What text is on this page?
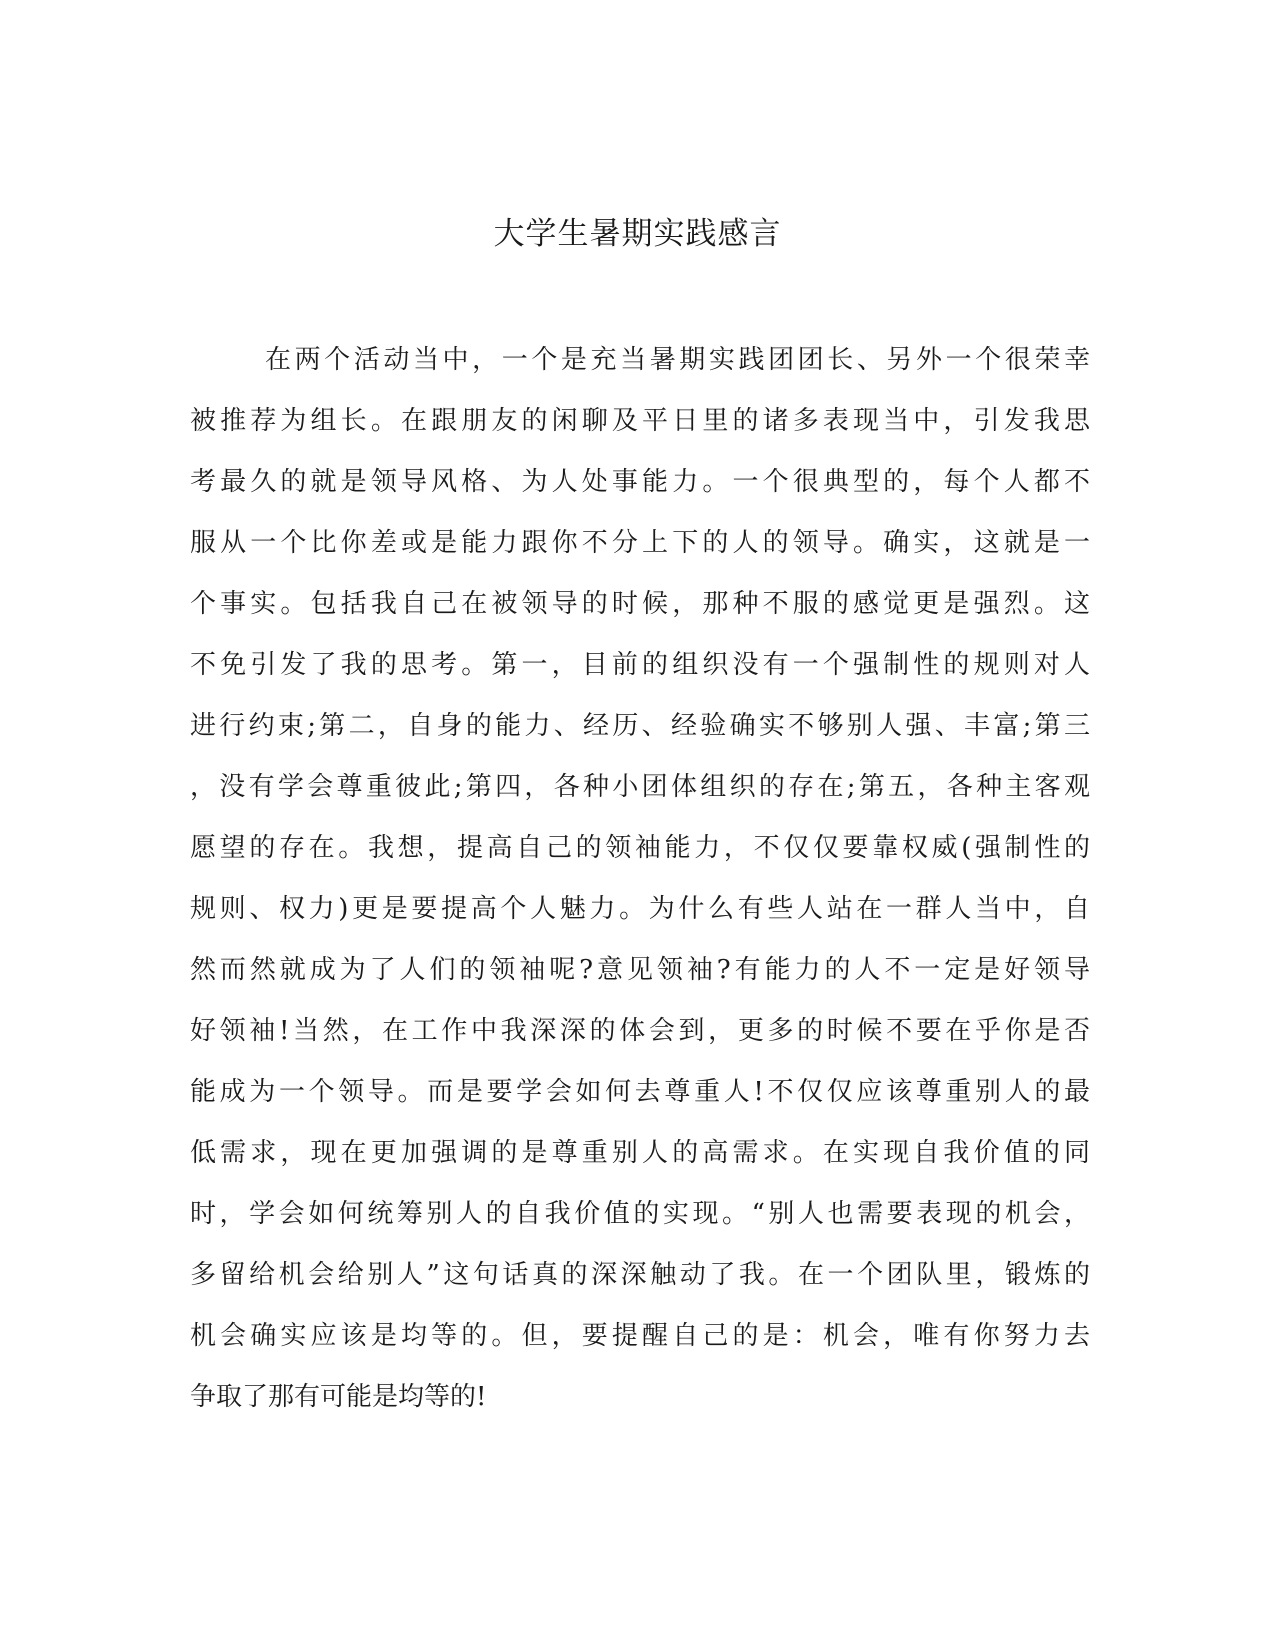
大学生暑期实践感言
在两个活动当中，一个是充当暑期实践团团长、另外一个很荣幸
被推荐为组长。在跟朋友的闲聊及平日里的诸多表现当中，引发我思
考最久的就是领导风格、为人处事能力。一个很典型的，每个人都不
服从一个比你差或是能力跟你不分上下的人的领导。确实，这就是一
个事实。包括我自己在被领导的时候，那种不服的感觉更是强烈。这
不免引发了我的思考。第一，目前的组织没有一个强制性的规则对人
进行约束;第二，自身的能力、经历、经验确实不够别人强、丰富;第三
，没有学会尊重彼此;第四，各种小团体组织的存在;第五，各种主客观
愿望的存在。我想，提高自己的领袖能力，不仅仅要靠权威(强制性的
规则、权力)更是要提高个人魅力。为什么有些人站在一群人当中，自
然而然就成为了人们的领袖呢?意见领袖?有能力的人不一定是好领导
好领袖!当然，在工作中我深深的体会到，更多的时候不要在乎你是否
能成为一个领导。而是要学会如何去尊重人!不仅仅应该尊重别人的最
低需求，现在更加强调的是尊重别人的高需求。在实现自我价值的同
时，学会如何统筹别人的自我价值的实现。“别人也需要表现的机会，
多留给机会给别人”这句话真的深深触动了我。在一个团队里，锻炼的
机会确实应该是均等的。但，要提醒自己的是：机会，唯有你努力去
争取了那有可能是均等的!
